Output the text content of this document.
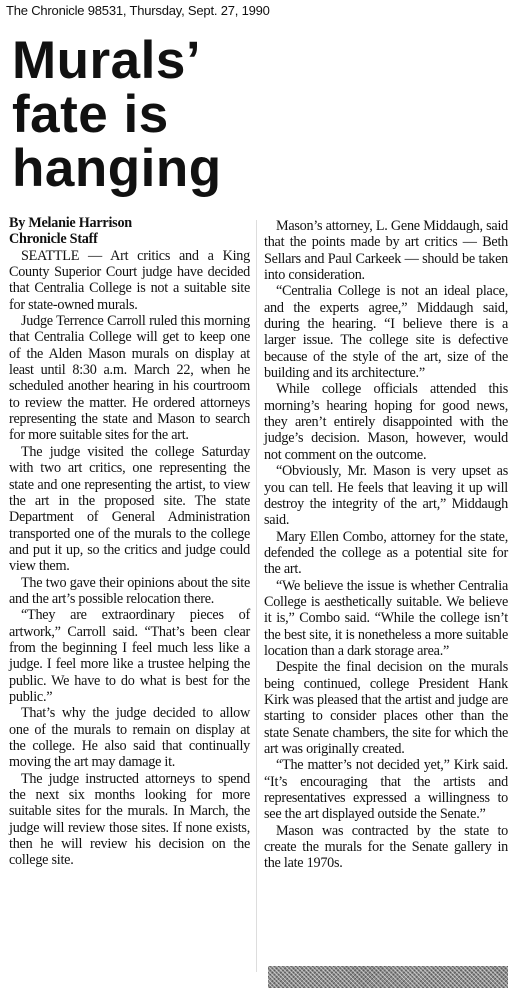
The Chronicle 98531, Thursday, Sept. 27, 1990
Murals’
fate is
hanging
By Melanie Harrison
Chronicle Staff

SEATTLE — Art critics and a King County Superior Court judge have decided that Centralia College is not a suitable site for state-owned murals.

Judge Terrence Carroll ruled this morning that Centralia College will get to keep one of the Alden Mason murals on display at least until 8:30 a.m. March 22, when he scheduled another hearing in his courtroom to review the matter. He ordered attorneys representing the state and Mason to search for more suitable sites for the art.

The judge visited the college Saturday with two art critics, one representing the state and one representing the artist, to view the art in the proposed site. The state Department of General Administration transported one of the murals to the college and put it up, so the critics and judge could view them.

The two gave their opinions about the site and the art’s possible relocation there.

“They are extraordinary pieces of artwork,” Carroll said. “That’s been clear from the beginning I feel much less like a judge. I feel more like a trustee helping the public. We have to do what is best for the public.”

That’s why the judge decided to allow one of the murals to remain on display at the college. He also said that continually moving the art may damage it.

The judge instructed attorneys to spend the next six months looking for more suitable sites for the murals. In March, the judge will review those sites. If none exists, then he will review his decision on the college site.

Mason’s attorney, L. Gene Middaugh, said that the points made by art critics — Beth Sellars and Paul Carkeek — should be taken into consideration.

“Centralia College is not an ideal place, and the experts agree,” Middaugh said, during the hearing. “I believe there is a larger issue. The college site is defective because of the style of the art, size of the building and its architecture.”

While college officials attended this morning’s hearing hoping for good news, they aren’t entirely disappointed with the judge’s decision. Mason, however, would not comment on the outcome.

“Obviously, Mr. Mason is very upset as you can tell. He feels that leaving it up will destroy the integrity of the art,” Middaugh said.

Mary Ellen Combo, attorney for the state, defended the college as a potential site for the art.

“We believe the issue is whether Centralia College is aesthetically suitable. We believe it is,” Combo said. “While the college isn’t the best site, it is nonetheless a more suitable location than a dark storage area.”

Despite the final decision on the murals being continued, college President Hank Kirk was pleased that the artist and judge are starting to consider places other than the state Senate chambers, the site for which the art was originally created.

“The matter’s not decided yet,” Kirk said. “It’s encouraging that the artists and representatives expressed a willingness to see the art displayed outside the Senate.”

Mason was contracted by the state to create the murals for the Senate gallery in the late 1970s.
